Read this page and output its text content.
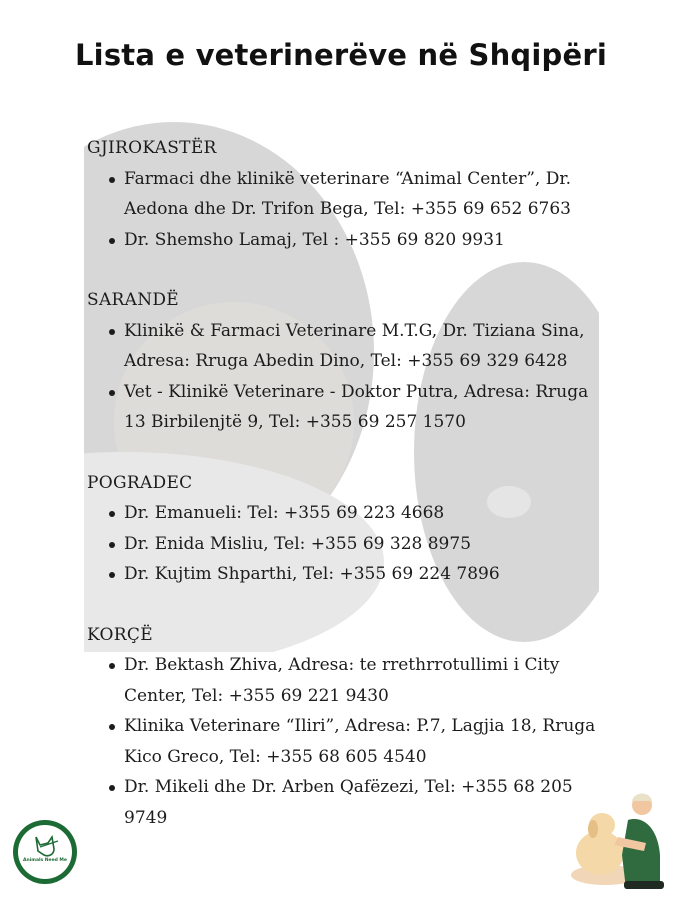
Lista e veterinerëve në Shqipëri
GJIROKASTËR
Farmaci dhe klinikë veterinare “Animal Center”, Dr. Aedona dhe Dr. Trifon Bega, Tel: +355 69 652 6763
Dr. Shemsho Lamaj, Tel : +355 69 820 9931
SARANDË
Klinikë & Farmaci Veterinare M.T.G, Dr. Tiziana Sina, Adresa: Rruga Abedin Dino, Tel: +355 69 329 6428
Vet - Klinikë Veterinare - Doktor Putra, Adresa: Rruga 13 Birbilenjtë 9, Tel: +355 69 257 1570
POGRADEC
Dr. Emanueli: Tel: +355 69 223 4668
Dr. Enida Misliu, Tel: +355 69 328 8975
Dr. Kujtim Shparthi, Tel: +355 69 224 7896
KORÇË
Dr. Bektash Zhiva, Adresa: te rrethrrotullimi i City Center, Tel: +355 69 221 9430
Klinika Veterinare “Iliri”, Adresa: P.7, Lagjia 18, Rruga Kico Greco, Tel: +355 68 605 4540
Dr. Mikeli dhe Dr. Arben Qafëzezi, Tel: +355 68 205 9749
Animals Need Me
